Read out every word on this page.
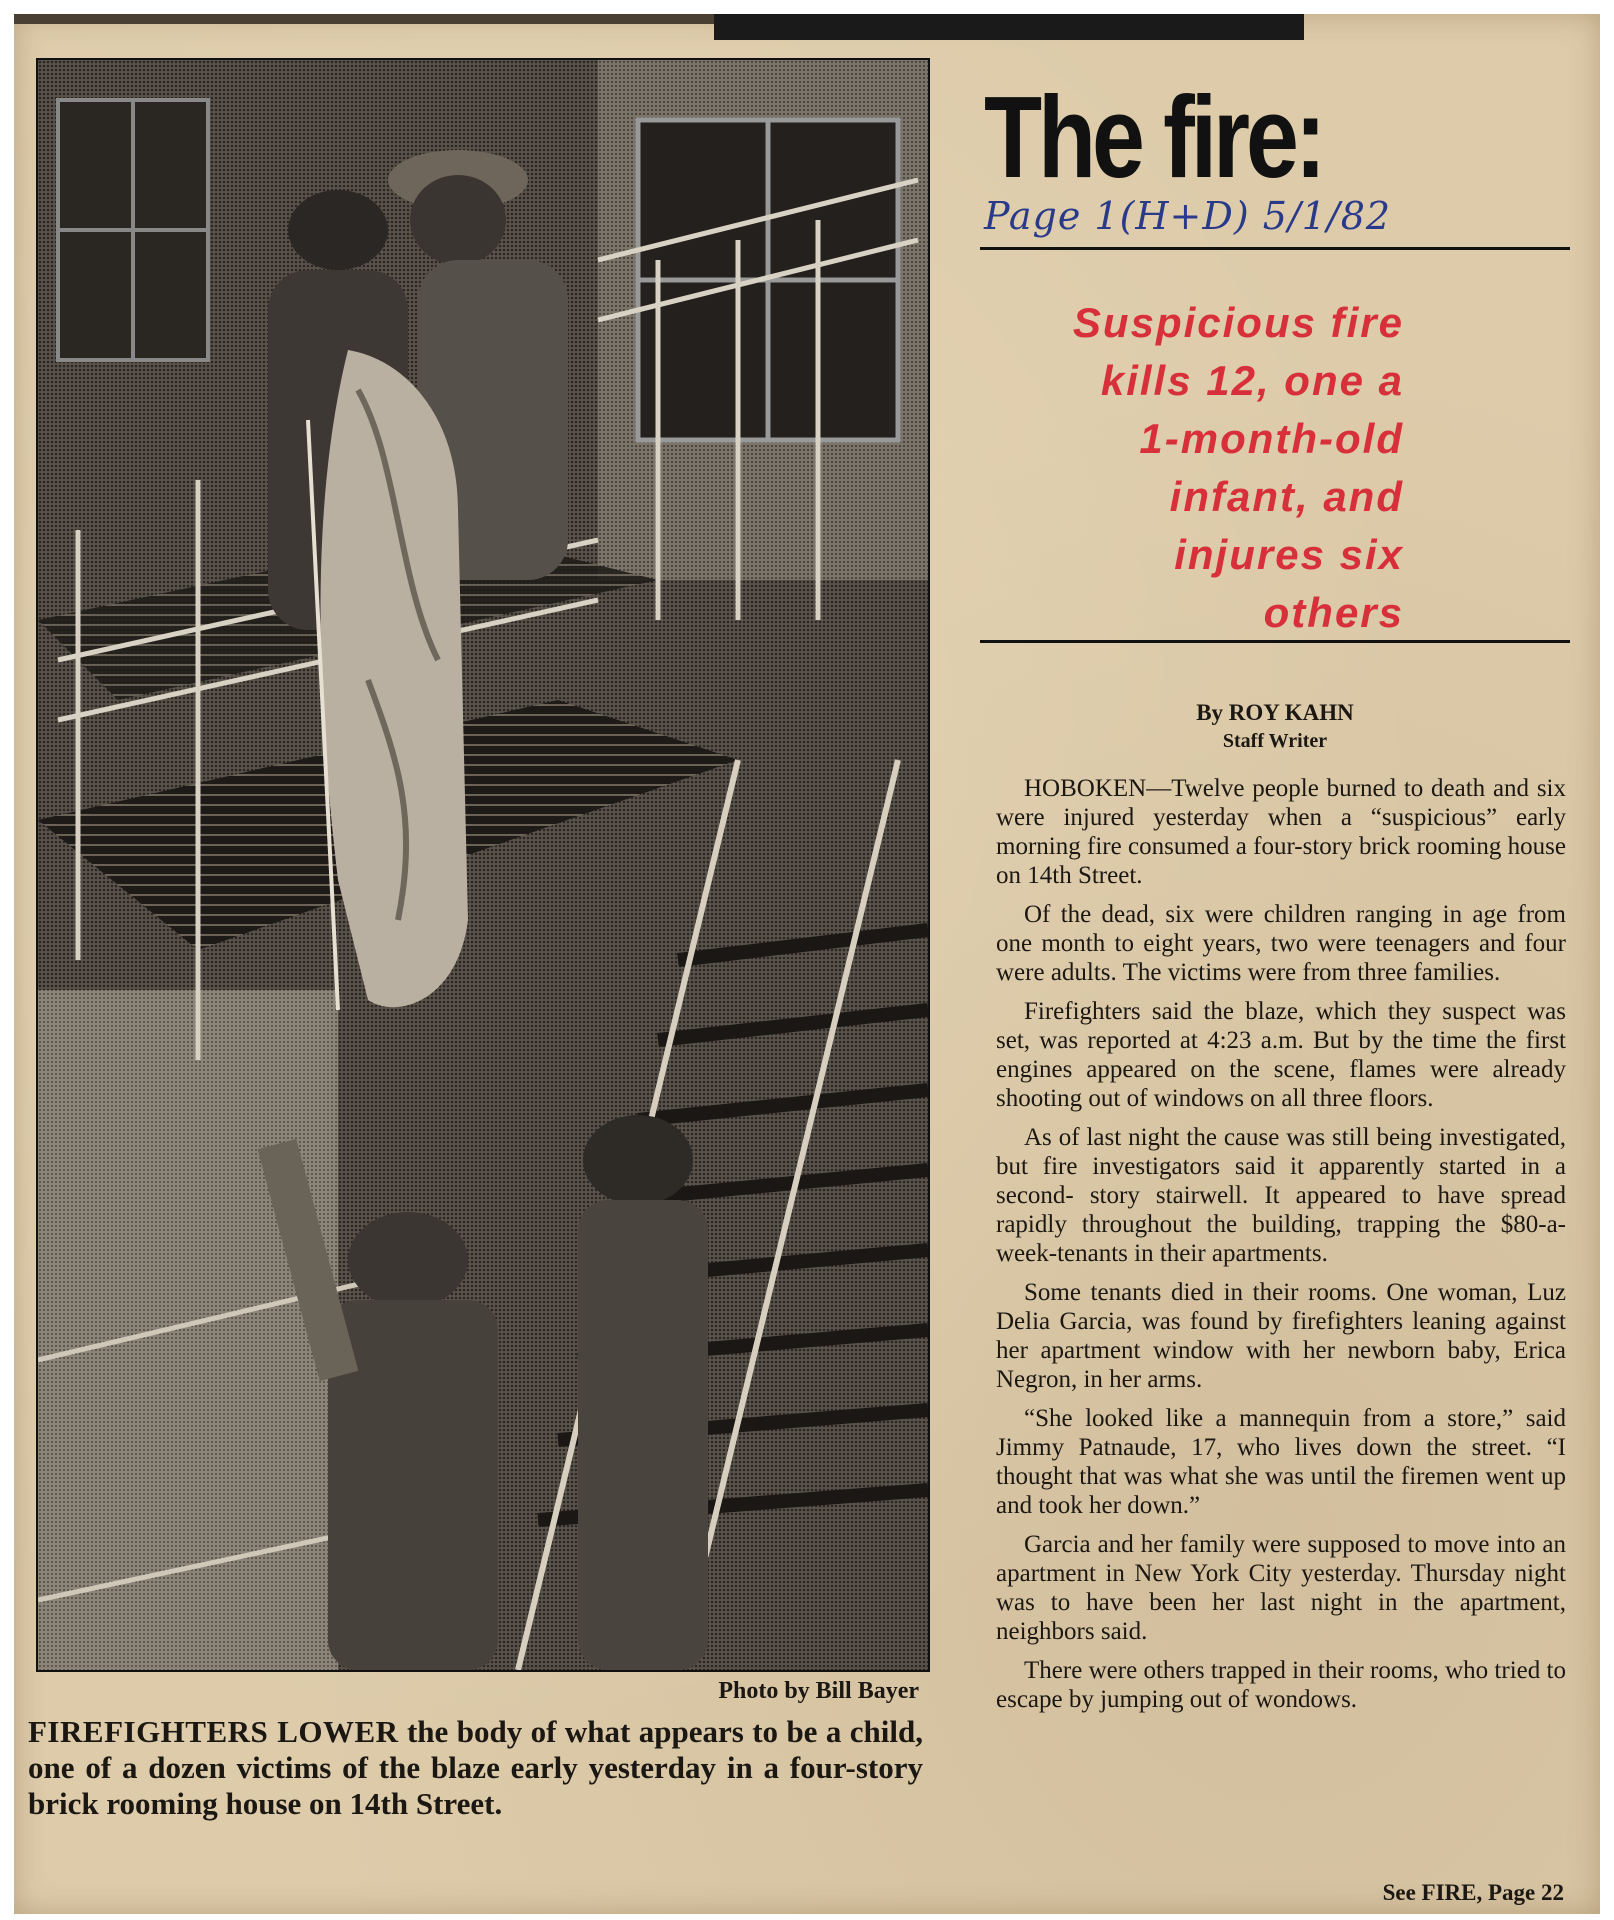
Photo by Bill Bayer
FIREFIGHTERS LOWER the body of what appears to be a child, one of a dozen victims of the blaze early yesterday in a four-story brick rooming house on 14th Street.
The fire:
Page 1(H+D) 5/1/82
Suspicious fire
kills 12, one a
1-month-old
infant, and
injures six
others
By ROY KAHN
Staff Writer

HOBOKEN—Twelve people burned to death and six were injured yesterday when a “suspicious” early morning fire consumed a four-story brick rooming house on 14th Street.

Of the dead, six were children ranging in age from one month to eight years, two were teenagers and four were adults. The victims were from three families.

Firefighters said the blaze, which they suspect was set, was reported at 4:23 a.m. But by the time the first engines appeared on the scene, flames were already shooting out of windows on all three floors.

As of last night the cause was still being investigated, but fire investigators said it apparently started in a second- story stairwell. It appeared to have spread rapidly throughout the building, trapping the $80-a-week-tenants in their apartments.

Some tenants died in their rooms. One woman, Luz Delia Garcia, was found by firefighters leaning against her apartment window with her newborn baby, Erica Negron, in her arms.

“She looked like a mannequin from a store,” said Jimmy Patnaude, 17, who lives down the street. “I thought that was what she was until the firemen went up and took her down.”

Garcia and her family were supposed to move into an apartment in New York City yesterday. Thursday night was to have been her last night in the apartment, neighbors said.

There were others trapped in their rooms, who tried to escape by jumping out of wondows.

See FIRE, Page 22
